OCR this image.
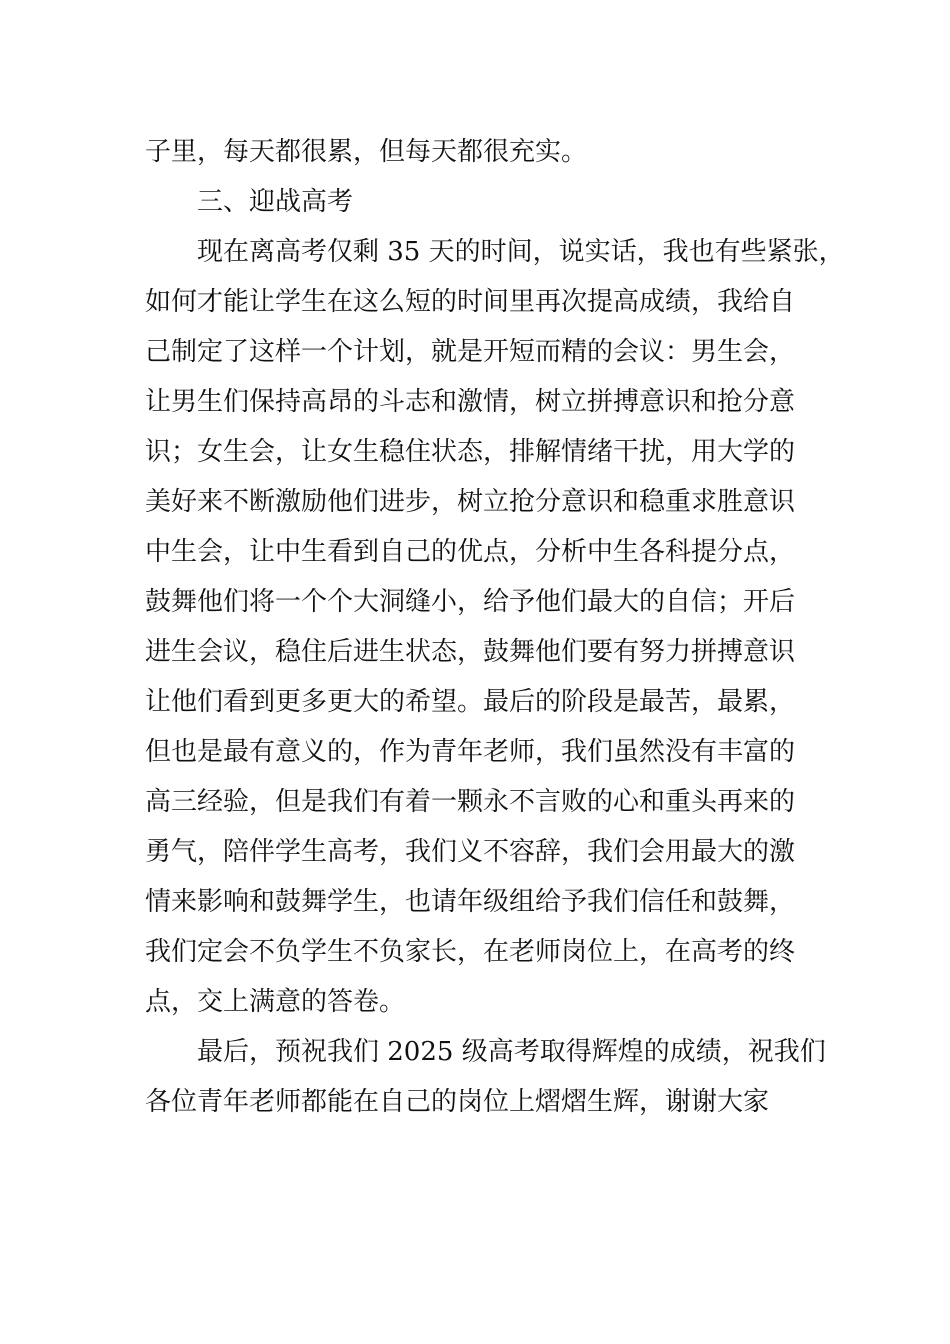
子里，每天都很累，但每天都很充实。
三、迎战高考
现在离高考仅剩 35 天的时间，说实话，我也有些紧张，
如何才能让学生在这么短的时间里再次提高成绩，我给自
己制定了这样一个计划，就是开短而精的会议：男生会，
让男生们保持高昂的斗志和激情，树立拼搏意识和抢分意
识；女生会，让女生稳住状态，排解情绪干扰，用大学的
美好来不断激励他们进步，树立抢分意识和稳重求胜意识
中生会，让中生看到自己的优点，分析中生各科提分点，
鼓舞他们将一个个大洞缝小，给予他们最大的自信；开后
进生会议，稳住后进生状态，鼓舞他们要有努力拼搏意识
让他们看到更多更大的希望。最后的阶段是最苦，最累，
但也是最有意义的，作为青年老师，我们虽然没有丰富的
高三经验，但是我们有着一颗永不言败的心和重头再来的
勇气，陪伴学生高考，我们义不容辞，我们会用最大的激
情来影响和鼓舞学生，也请年级组给予我们信任和鼓舞，
我们定会不负学生不负家长，在老师岗位上，在高考的终
点，交上满意的答卷。
最后，预祝我们 2025 级高考取得辉煌的成绩，祝我们
各位青年老师都能在自己的岗位上熠熠生辉，谢谢大家
